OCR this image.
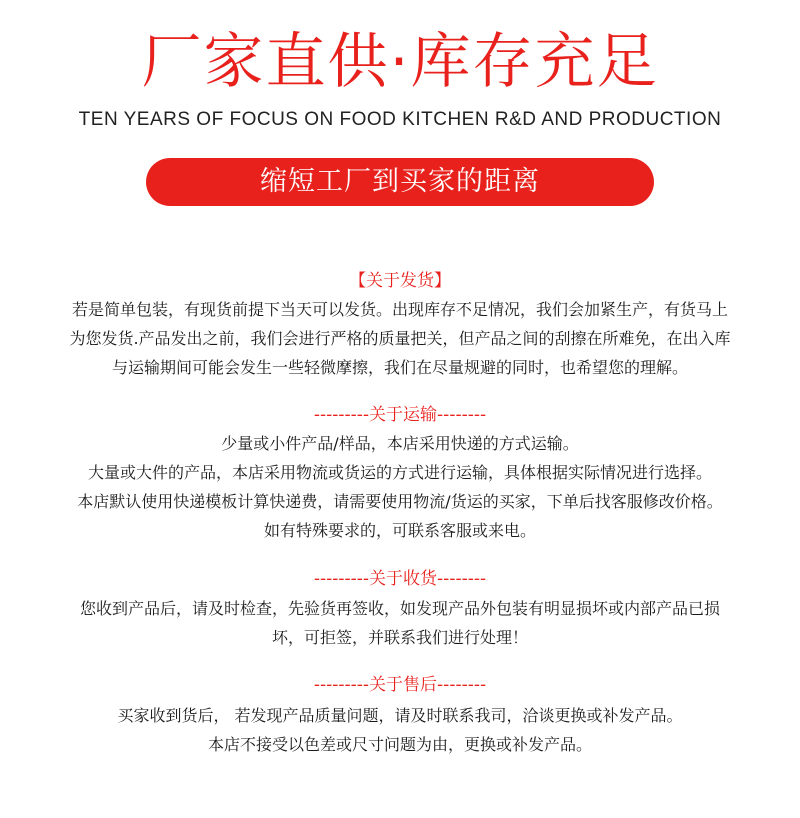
厂家直供·库存充足
TEN YEARS OF FOCUS ON FOOD KITCHEN R&D AND PRODUCTION
缩短工厂到买家的距离
【关于发货】
若是简单包装，有现货前提下当天可以发货。出现库存不足情况，我们会加紧生产，有货马上
为您发货.产品发出之前，我们会进行严格的质量把关，但产品之间的刮擦在所难免，在出入库
与运输期间可能会发生一些轻微摩擦，我们在尽量规避的同时，也希望您的理解。
---------关于运输--------
少量或小件产品/样品，本店采用快递的方式运输。
大量或大件的产品，本店采用物流或货运的方式进行运输，具体根据实际情况进行选择。
本店默认使用快递模板计算快递费，请需要使用物流/货运的买家，下单后找客服修改价格。
如有特殊要求的，可联系客服或来电。
---------关于收货--------
您收到产品后，请及时检查，先验货再签收，如发现产品外包装有明显损坏或内部产品已损
坏，可拒签，并联系我们进行处理！
---------关于售后--------
买家收到货后， 若发现产品质量问题，请及时联系我司，洽谈更换或补发产品。
本店不接受以色差或尺寸问题为由，更换或补发产品。
